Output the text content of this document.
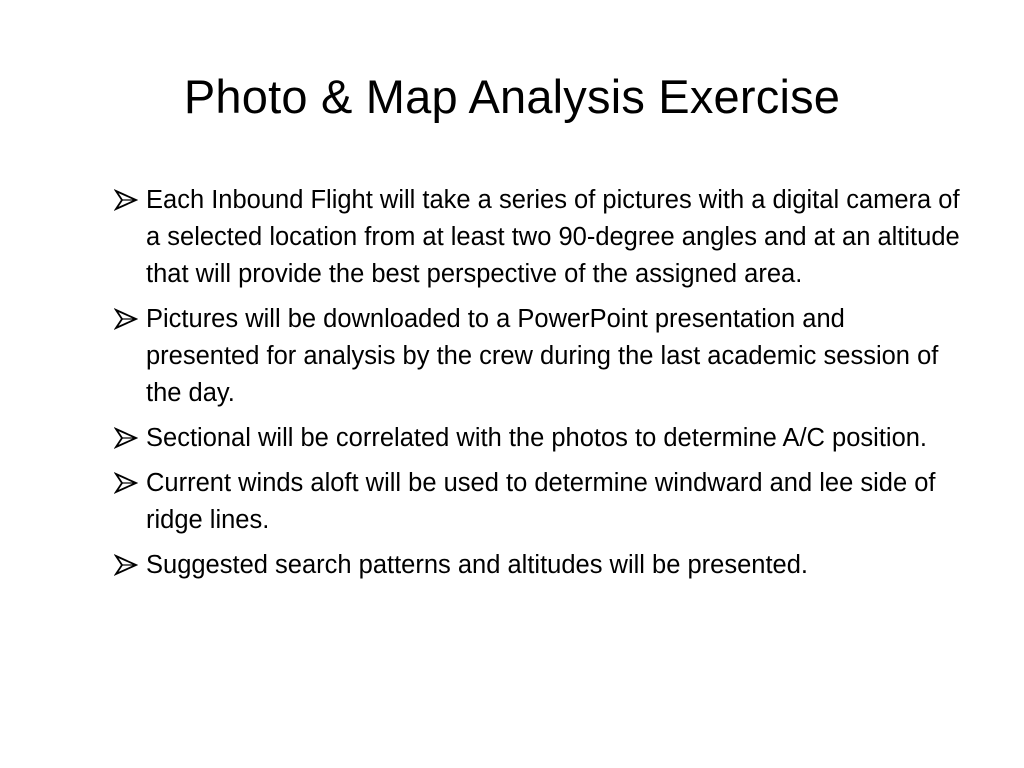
Photo & Map Analysis Exercise
Each Inbound Flight will take a series of pictures with a digital camera of a selected location from at least two 90-degree angles and at an altitude that will provide the best perspective of the assigned area.
Pictures will be downloaded to a PowerPoint presentation and presented for analysis by the crew during the last academic session of the day.
Sectional will be correlated with the photos to determine A/C position.
Current winds aloft will be used to determine windward and lee side of ridge lines.
Suggested search patterns and altitudes will be presented.
